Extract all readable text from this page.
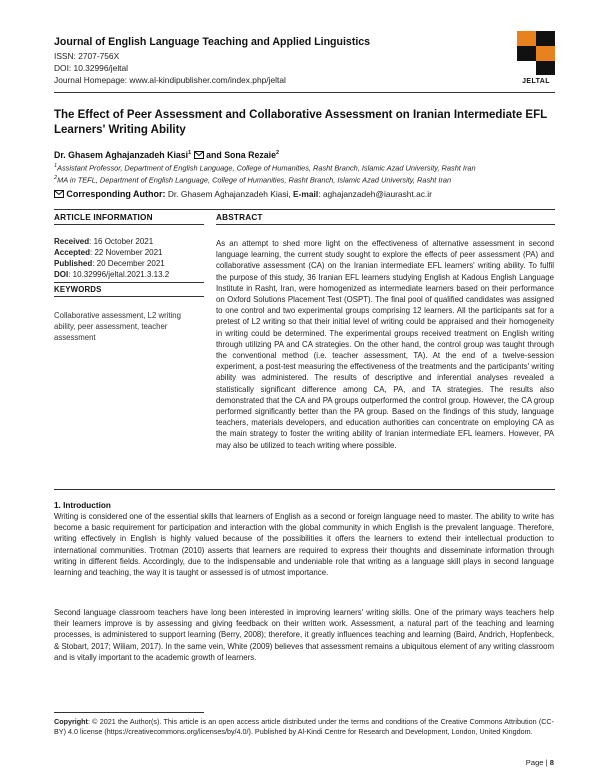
Journal of English Language Teaching and Applied Linguistics
ISSN: 2707-756X
DOI: 10.32996/jeltal
Journal Homepage: www.al-kindipublisher.com/index.php/jeltal	JELTAL
The Effect of Peer Assessment and Collaborative Assessment on Iranian Intermediate EFL Learners' Writing Ability
Dr. Ghasem Aghajanzadeh Kiasi$^1$ and Sona Rezaie$^2$
$^1$Assistant Professor, Department of English Language, College of Humanities, Rasht Branch, Islamic Azad University, Rasht Iran
$^2$MA in TEFL, Department of English Language, College of Humanities, Rasht Branch, Islamic Azad University, Rasht Iran
Corresponding Author: Dr. Ghasem Aghajanzadeh Kiasi, E-mail: aghajanzadeh@iaurasht.ac.ir
ARTICLE INFORMATION	ABSTRACT
Received: 16 October 2021
Accepted: 22 November 2021
Published: 20 December 2021
DOI: 10.32996/jeltal.2021.3.13.2
KEYWORDS
Collaborative assessment, L2 writing ability, peer assessment, teacher assessment
As an attempt to shed more light on the effectiveness of alternative assessment in second language learning, the current study sought to explore the effects of peer assessment (PA) and collaborative assessment (CA) on the Iranian intermediate EFL learners' writing ability. To fulfil the purpose of this study, 36 Iranian EFL learners studying English at Kadous English Language Institute in Rasht, Iran, were homogenized as intermediate learners based on their performance on Oxford Solutions Placement Test (OSPT). The final pool of qualified candidates was assigned to one control and two experimental groups comprising 12 learners. All the participants sat for a pretest of L2 writing so that their initial level of writing could be appraised and their homogeneity in writing could be determined. The experimental groups received treatment on English writing through utilizing PA and CA strategies. On the other hand, the control group was taught through the conventional method (i.e. teacher assessment, TA). At the end of a twelve-session experiment, a post-test measuring the effectiveness of the treatments and the participants' writing ability was administered. The results of descriptive and inferential analyses revealed a statistically significant difference among CA, PA, and TA strategies. The results also demonstrated that the CA and PA groups outperformed the control group. However, the CA group performed significantly better than the PA group. Based on the findings of this study, language teachers, materials developers, and education authorities can concentrate on employing CA as the main strategy to foster the writing ability of Iranian intermediate EFL learners. However, PA may also be utilized to teach writing where possible.
1. Introduction
Writing is considered one of the essential skills that learners of English as a second or foreign language need to master. The ability to write has become a basic requirement for participation and interaction with the global community in which English is the prevalent language. Therefore, writing effectively in English is highly valued because of the possibilities it offers the learners to extend their intellectual production to international communities. Trotman (2010) asserts that learners are required to express their thoughts and disseminate information through writing in different fields. Accordingly, due to the indispensable and undeniable role that writing as a language skill plays in second language learning and teaching, the way it is taught or assessed is of utmost importance.
Second language classroom teachers have long been interested in improving learners' writing skills. One of the primary ways teachers help their learners improve is by assessing and giving feedback on their written work. Assessment, a natural part of the teaching and learning processes, is administered to support learning (Berry, 2008); therefore, it greatly influences teaching and learning (Baird, Andrich, Hopfenbeck, & Stobart, 2017; Wiliam, 2017). In the same vein, White (2009) believes that assessment remains a ubiquitous element of any writing classroom and is vitally important to the academic growth of learners.
Copyright: © 2021 the Author(s). This article is an open access article distributed under the terms and conditions of the Creative Commons Attribution (CC-BY) 4.0 license (https://creativecommons.org/licenses/by/4.0/). Published by Al-Kindi Centre for Research and Development, London, United Kingdom.
Page | 8
